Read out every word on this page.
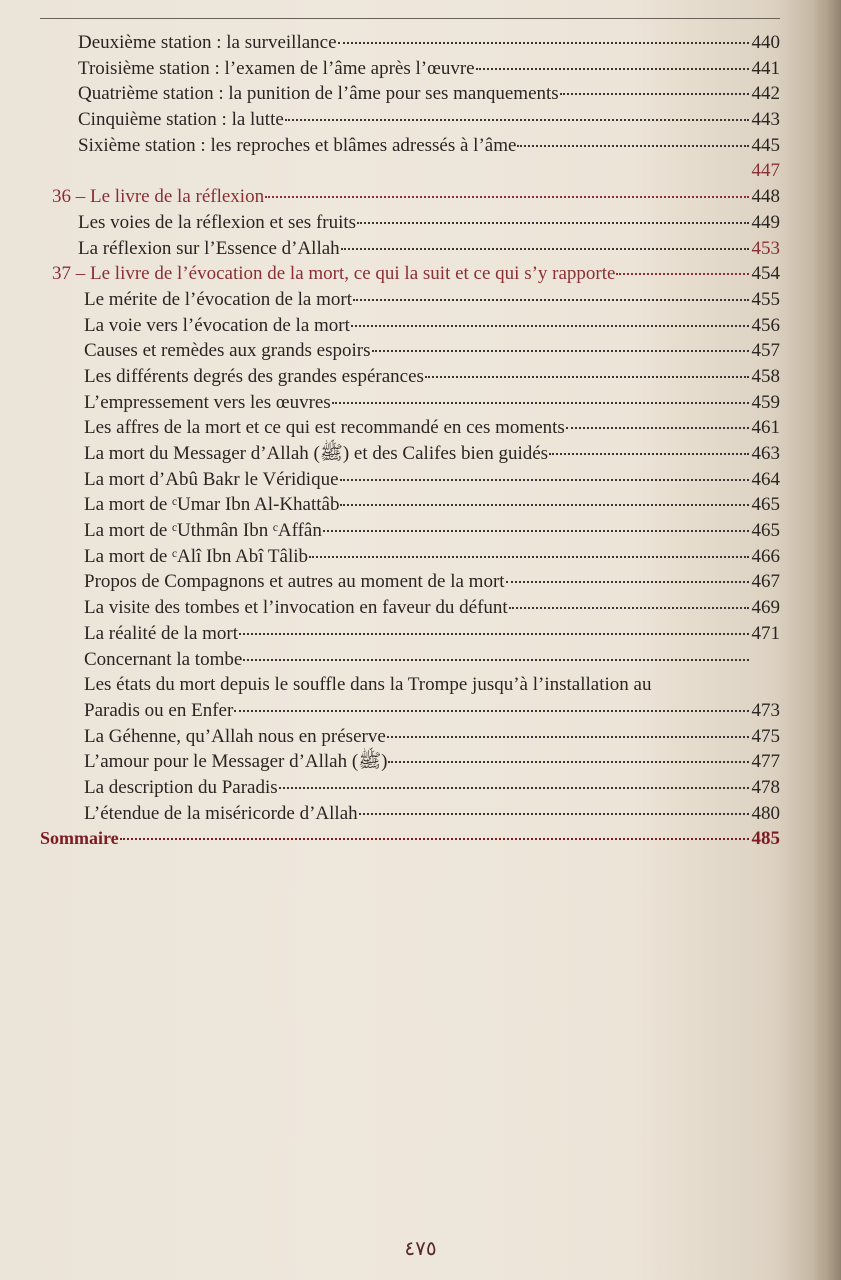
Deuxième station : la surveillance	440
Troisième station : l’examen de l’âme après l’œuvre	441
Quatrième station : la punition de l’âme pour ses manquements	442
Cinquième station : la lutte	443
Sixième station : les reproches et blâmes adressés à l’âme	445
447
36 – Le livre de la réflexion	448
Les voies de la réflexion et ses fruits	449
La réflexion sur l’Essence d’Allah	453
37 – Le livre de l’évocation de la mort, ce qui la suit et ce qui s’y rapporte	454
Le mérite de l’évocation de la mort	455
La voie vers l’évocation de la mort	456
Causes et remèdes aux grands espoirs	457
Les différents degrés des grandes espérances	458
L’empressement vers les œuvres	459
Les affres de la mort et ce qui est recommandé en ces moments	461
La mort du Messager d’Allah (ﷺ) et des Califes bien guidés	463
La mort d’Abû Bakr le Véridique	464
La mort de ᶜUmar Ibn Al-Khattâb	465
La mort de ᶜUthmân Ibn ᶜAffân	465
La mort de ᶜAlî Ibn Abî Tâlib	466
Propos de Compagnons et autres au moment de la mort	467
La visite des tombes et l’invocation en faveur du défunt	469
La réalité de la mort	471
Concernant la tombe
Les états du mort depuis le souffle dans la Trompe jusqu’à l’installation au
Paradis ou en Enfer	473
La Géhenne, qu’Allah nous en préserve	475
L’amour pour le Messager d’Allah (ﷺ)	477
La description du Paradis	478
L’étendue de la miséricorde d’Allah	480
Sommaire	485
٤٧٥
